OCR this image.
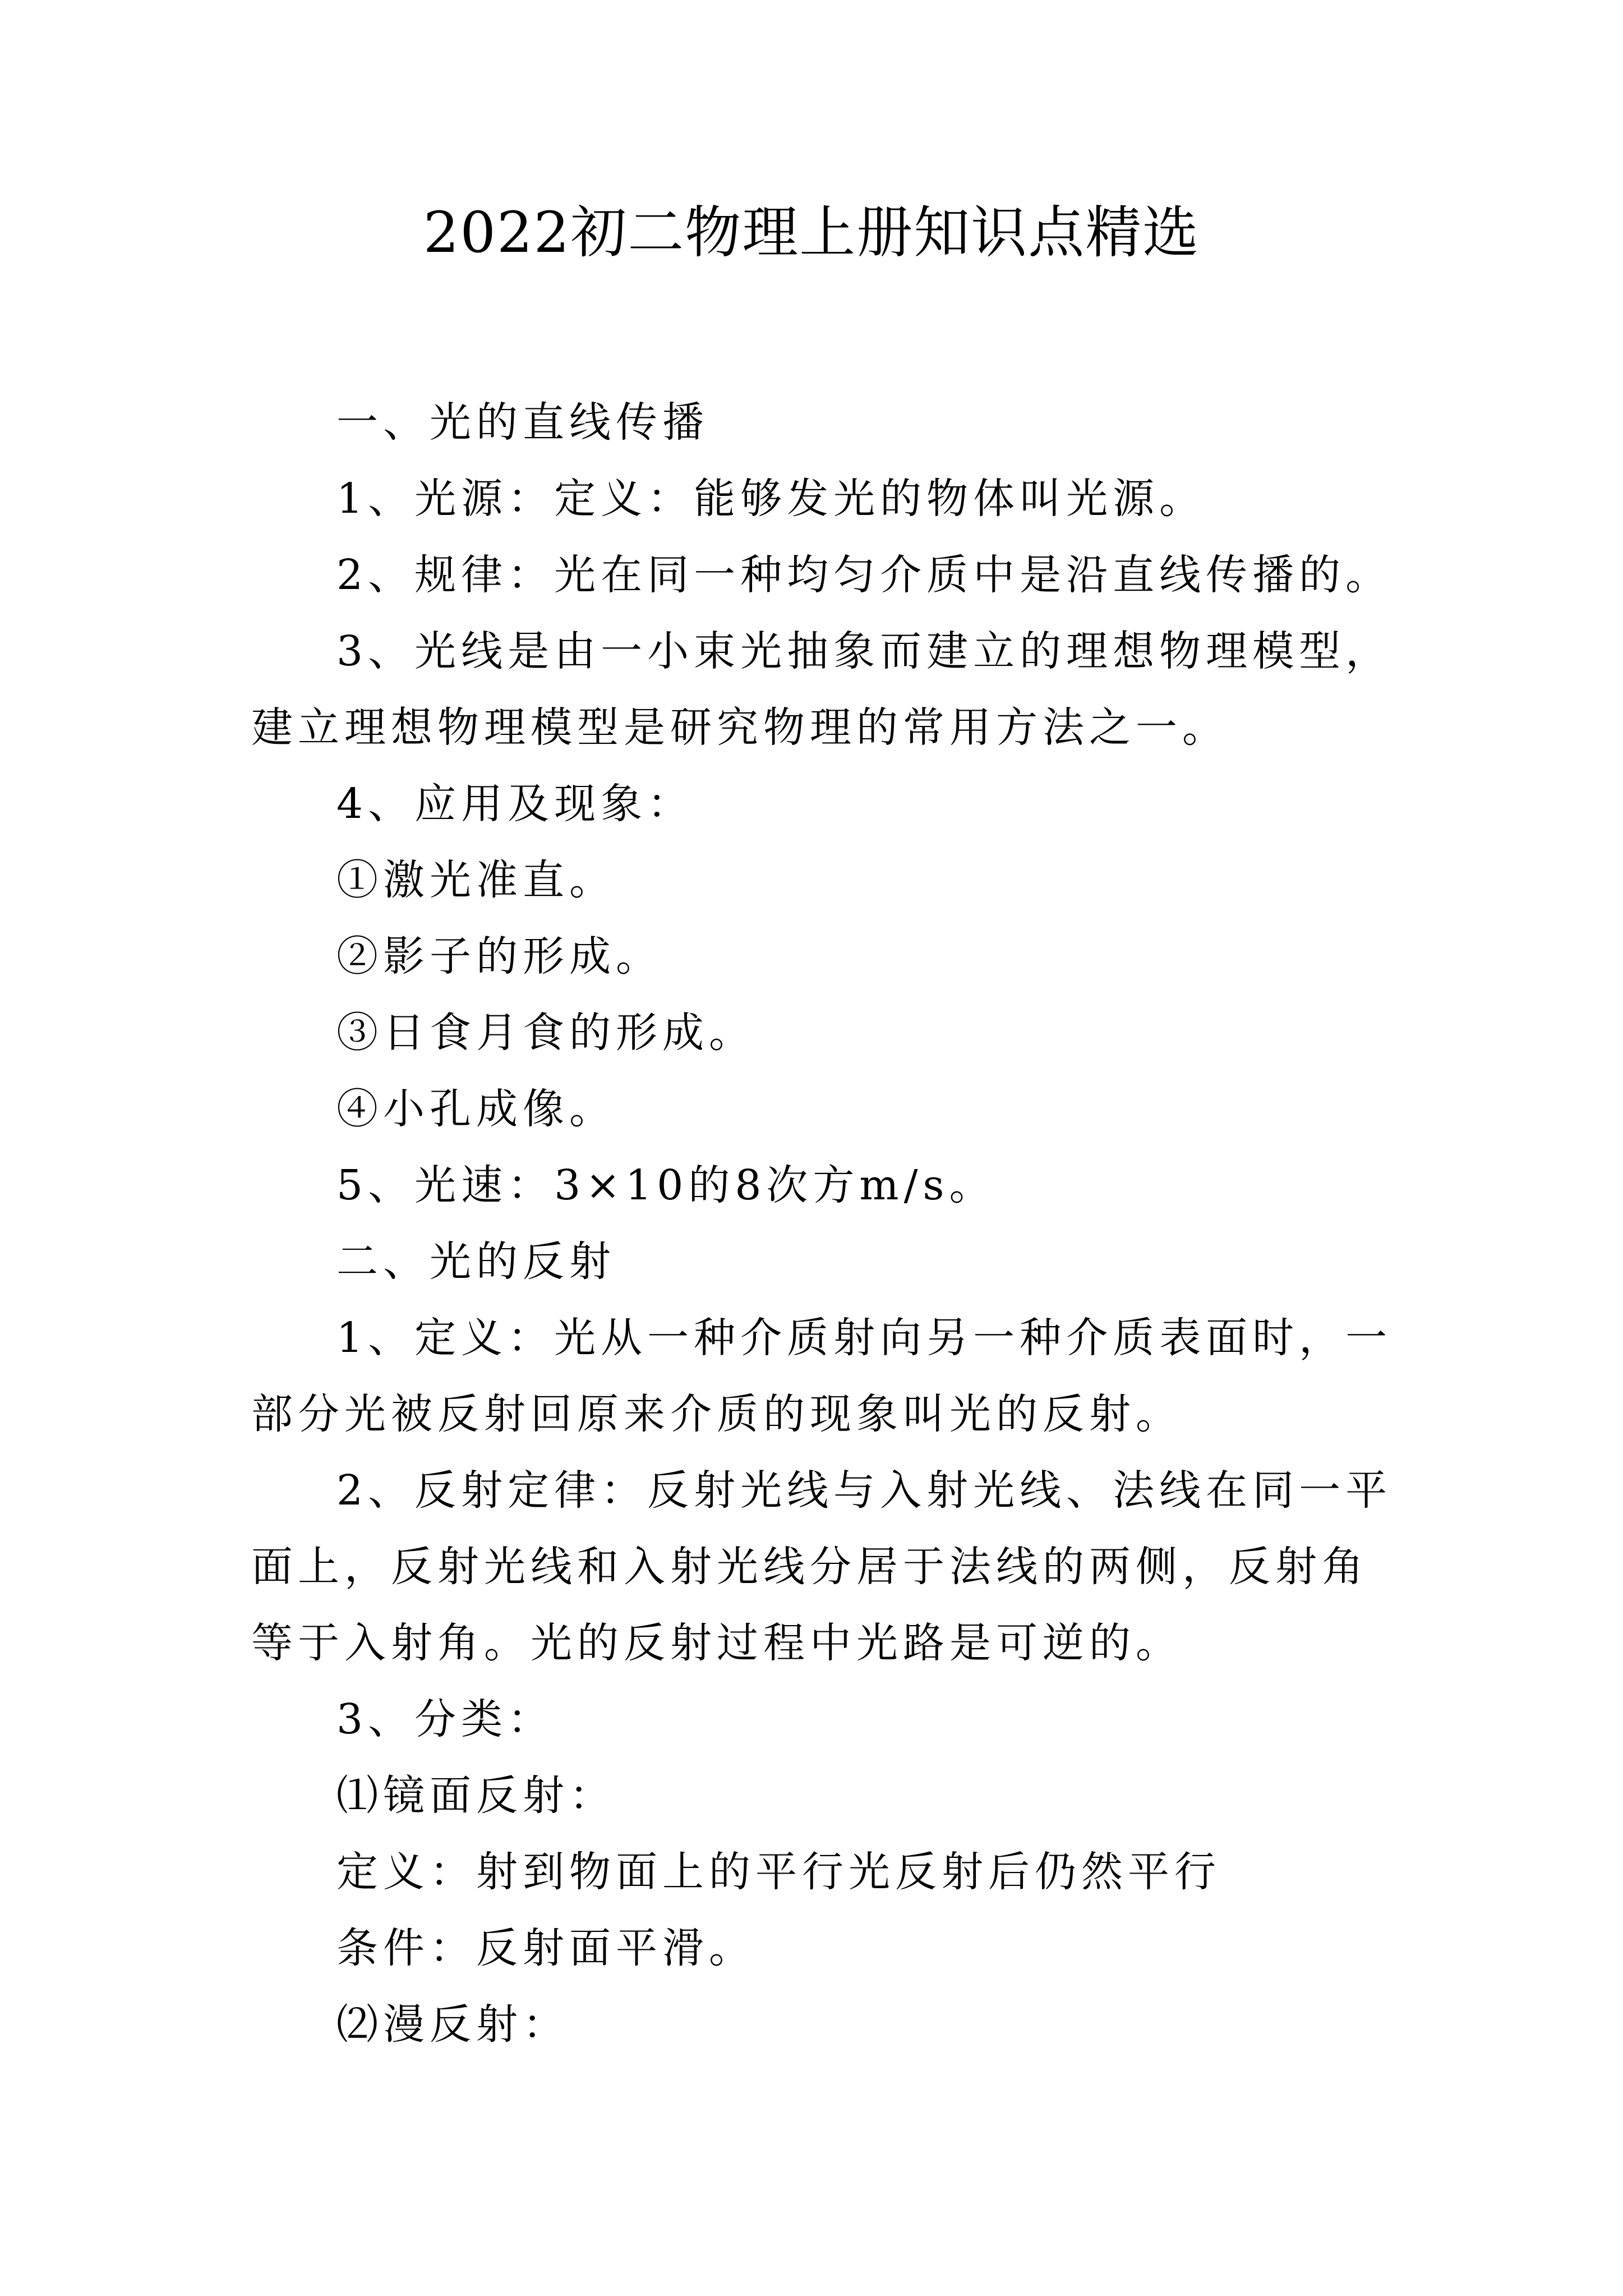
2022初二物理上册知识点精选

一、光的直线传播

1、光源：定义：能够发光的物体叫光源。

2、规律：光在同一种均匀介质中是沿直线传播的。

3、光线是由一小束光抽象而建立的理想物理模型，建立理想物理模型是研究物理的常用方法之一。

4、应用及现象：

①激光准直。

②影子的形成。

③日食月食的形成。

④小孔成像。

5、光速：3×10的8次方m/s。

二、光的反射

1、定义：光从一种介质射向另一种介质表面时，一部分光被反射回原来介质的现象叫光的反射。

2、反射定律：反射光线与入射光线、法线在同一平面上，反射光线和入射光线分居于法线的两侧，反射角等于入射角。光的反射过程中光路是可逆的。

3、分类：

⑴镜面反射：

定义：射到物面上的平行光反射后仍然平行

条件：反射面平滑。

⑵漫反射：
